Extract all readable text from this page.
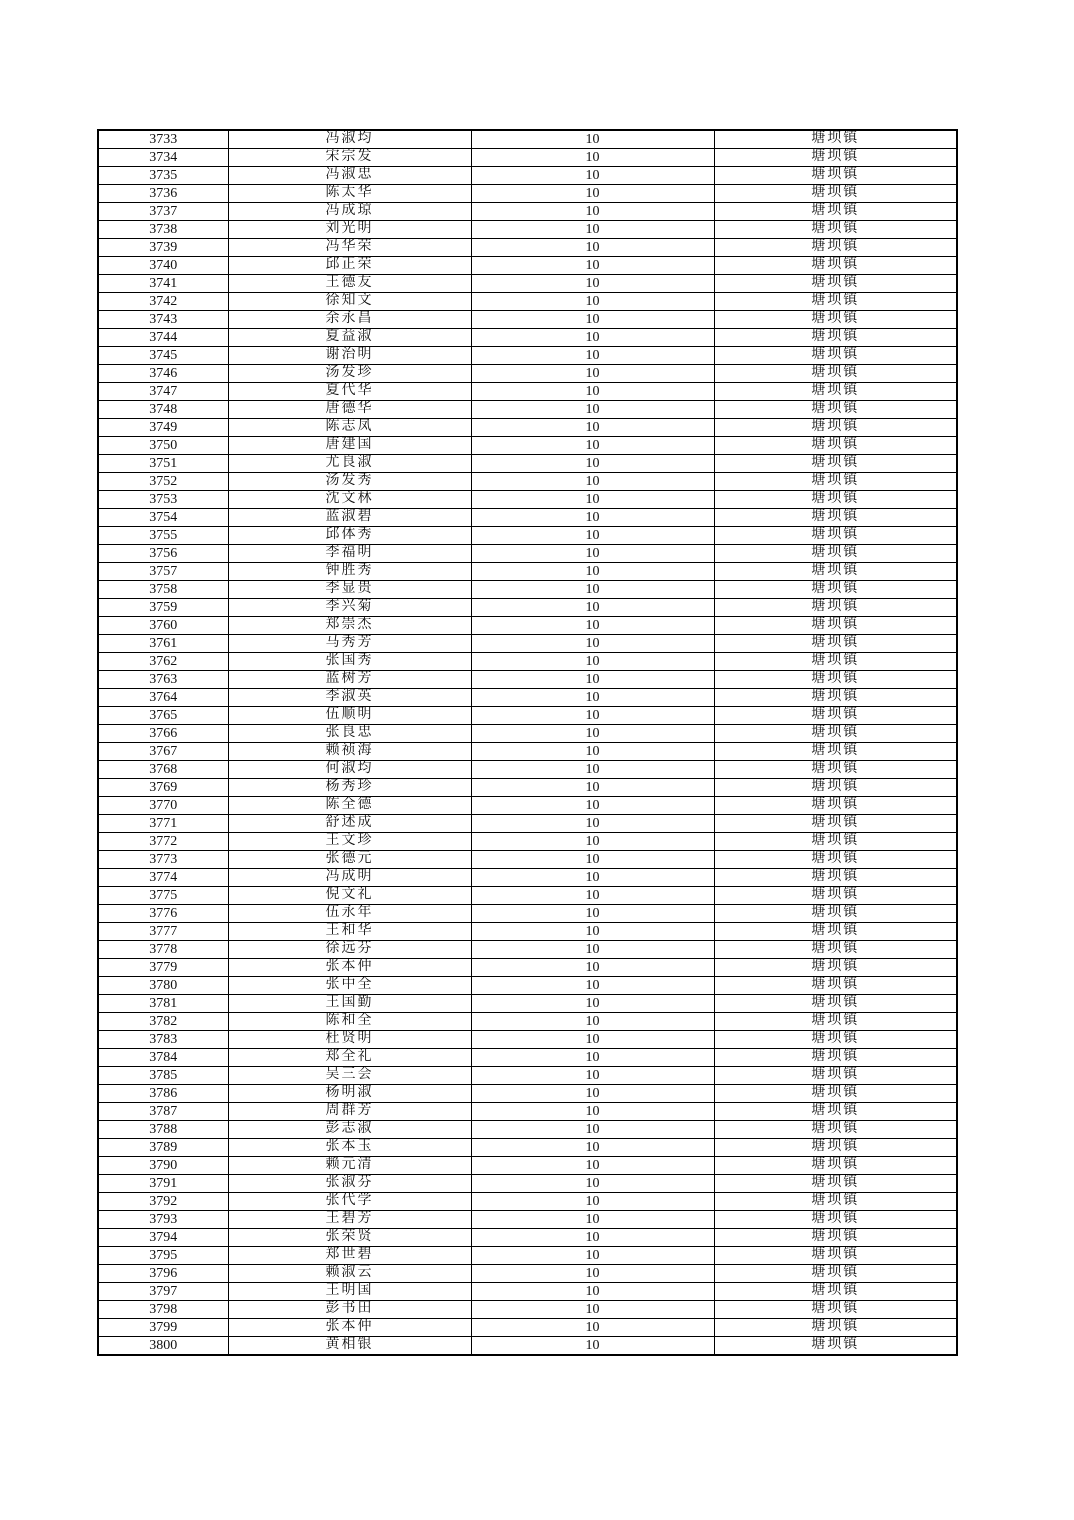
3733	冯淑均	10	塘坝镇
3734	宋宗发	10	塘坝镇
3735	冯淑忠	10	塘坝镇
3736	陈太华	10	塘坝镇
3737	冯成琼	10	塘坝镇
3738	刘光明	10	塘坝镇
3739	冯华荣	10	塘坝镇
3740	邱正荣	10	塘坝镇
3741	王德友	10	塘坝镇
3742	徐知文	10	塘坝镇
3743	余永昌	10	塘坝镇
3744	夏益淑	10	塘坝镇
3745	谢治明	10	塘坝镇
3746	汤发珍	10	塘坝镇
3747	夏代华	10	塘坝镇
3748	唐德华	10	塘坝镇
3749	陈志凤	10	塘坝镇
3750	唐建国	10	塘坝镇
3751	尤良淑	10	塘坝镇
3752	汤发秀	10	塘坝镇
3753	沈文林	10	塘坝镇
3754	蓝淑碧	10	塘坝镇
3755	邱体秀	10	塘坝镇
3756	李福明	10	塘坝镇
3757	钟胜秀	10	塘坝镇
3758	李显贵	10	塘坝镇
3759	李兴菊	10	塘坝镇
3760	郑崇杰	10	塘坝镇
3761	马秀芳	10	塘坝镇
3762	张国秀	10	塘坝镇
3763	蓝树芳	10	塘坝镇
3764	李淑英	10	塘坝镇
3765	伍顺明	10	塘坝镇
3766	张良忠	10	塘坝镇
3767	赖祯海	10	塘坝镇
3768	何淑均	10	塘坝镇
3769	杨秀珍	10	塘坝镇
3770	陈全德	10	塘坝镇
3771	舒述成	10	塘坝镇
3772	王文珍	10	塘坝镇
3773	张德元	10	塘坝镇
3774	冯成明	10	塘坝镇
3775	倪文礼	10	塘坝镇
3776	伍永年	10	塘坝镇
3777	王和华	10	塘坝镇
3778	徐远芬	10	塘坝镇
3779	张本仲	10	塘坝镇
3780	张中全	10	塘坝镇
3781	王国勤	10	塘坝镇
3782	陈和全	10	塘坝镇
3783	杜贤明	10	塘坝镇
3784	郑全礼	10	塘坝镇
3785	吴三会	10	塘坝镇
3786	杨明淑	10	塘坝镇
3787	周群芳	10	塘坝镇
3788	彭志淑	10	塘坝镇
3789	张本玉	10	塘坝镇
3790	赖元清	10	塘坝镇
3791	张淑芬	10	塘坝镇
3792	张代学	10	塘坝镇
3793	王碧芳	10	塘坝镇
3794	张荣贤	10	塘坝镇
3795	郑世碧	10	塘坝镇
3796	赖淑云	10	塘坝镇
3797	王明国	10	塘坝镇
3798	彭书田	10	塘坝镇
3799	张本仲	10	塘坝镇
3800	黄相银	10	塘坝镇
